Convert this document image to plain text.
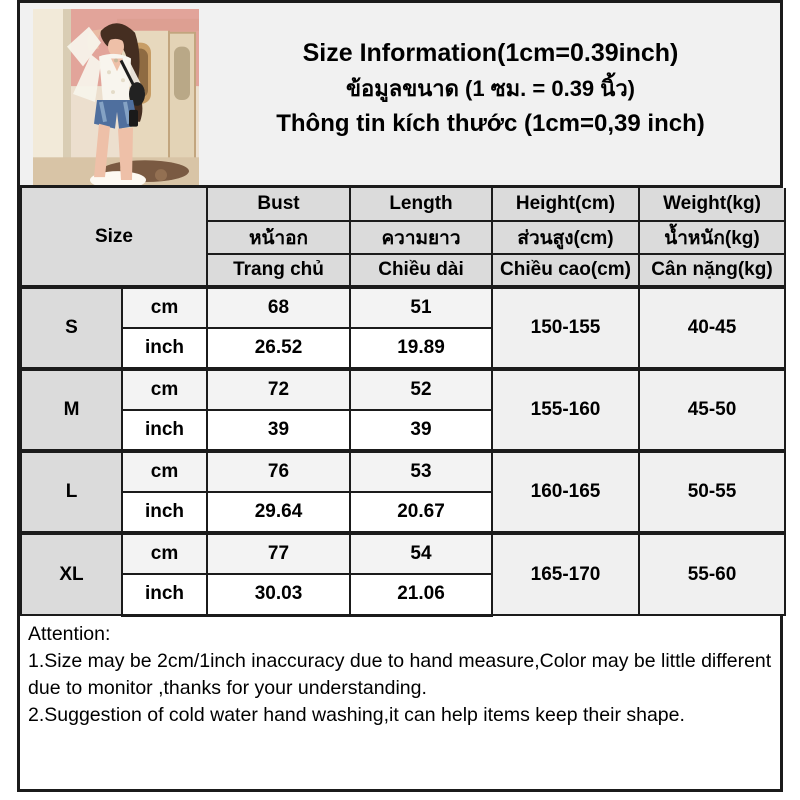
Size Information(1cm=0.39inch)
ข้อมูลขนาด (1 ซม. = 0.39 นิ้ว)
Thông tin kích thước (1cm=0,39 inch)
Size		Bust	Length	Height(cm)	Weight(kg)
		หน้าอก	ความยาว	ส่วนสูง(cm)	น้ำหนัก(kg)
		Trang chủ	Chiều dài	Chiều cao(cm)	Cân nặng(kg)
S	cm	68	51	150-155	40-45
	inch	26.52	19.89		
M	cm	72	52	155-160	45-50
	inch	39	39		
L	cm	76	53	160-165	50-55
	inch	29.64	20.67		
XL	cm	77	54	165-170	55-60
	inch	30.03	21.06		
Attention:
1.Size may be 2cm/1inch inaccuracy due to hand measure,Color may be little different due to monitor ,thanks for your understanding.
2.Suggestion of cold water hand washing,it can help items keep their shape.
